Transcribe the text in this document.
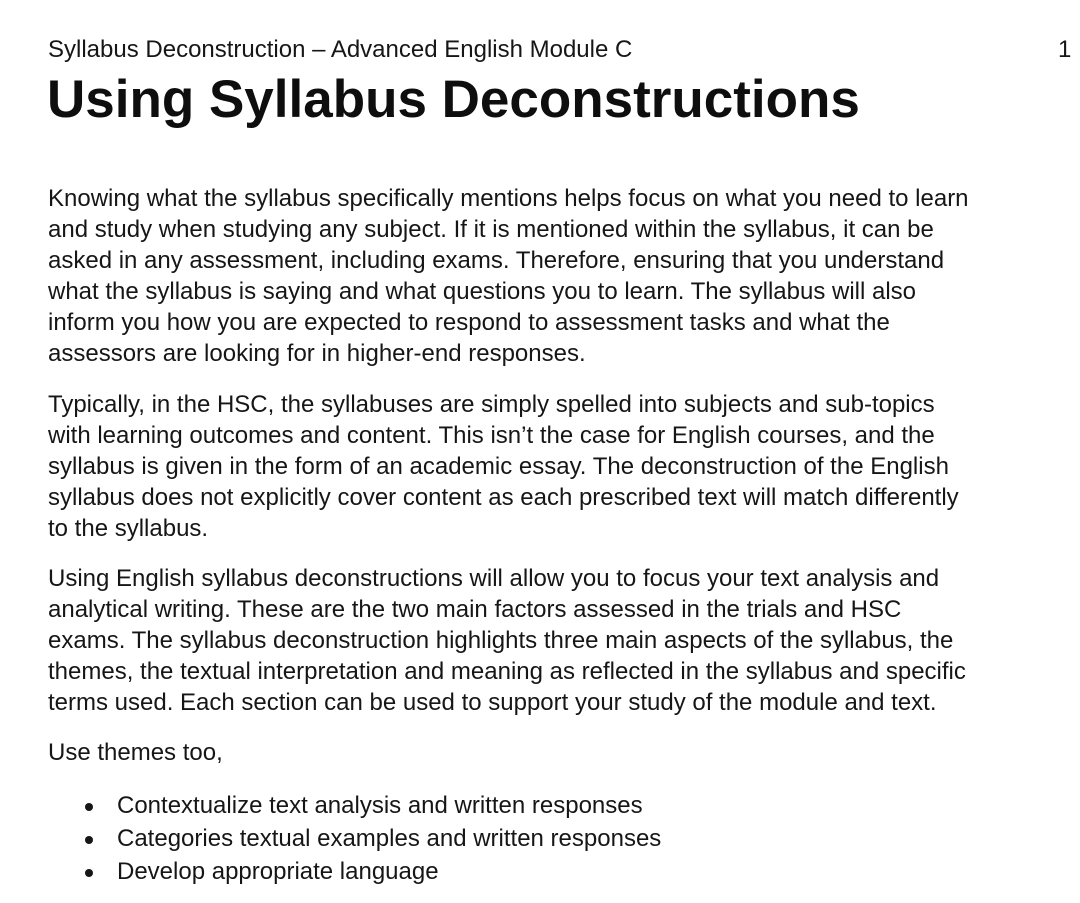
Syllabus Deconstruction – Advanced English Module C	1
Using Syllabus Deconstructions

Knowing what the syllabus specifically mentions helps focus on what you need to learn
and study when studying any subject. If it is mentioned within the syllabus, it can be
asked in any assessment, including exams. Therefore, ensuring that you understand
what the syllabus is saying and what questions you to learn. The syllabus will also
inform you how you are expected to respond to assessment tasks and what the
assessors are looking for in higher-end responses.

Typically, in the HSC, the syllabuses are simply spelled into subjects and sub-topics
with learning outcomes and content. This isn’t the case for English courses, and the
syllabus is given in the form of an academic essay. The deconstruction of the English
syllabus does not explicitly cover content as each prescribed text will match differently
to the syllabus.

Using English syllabus deconstructions will allow you to focus your text analysis and
analytical writing. These are the two main factors assessed in the trials and HSC
exams. The syllabus deconstruction highlights three main aspects of the syllabus, the
themes, the textual interpretation and meaning as reflected in the syllabus and specific
terms used. Each section can be used to support your study of the module and text.

Use themes too,

Contextualize text analysis and written responses
Categories textual examples and written responses
Develop appropriate language
